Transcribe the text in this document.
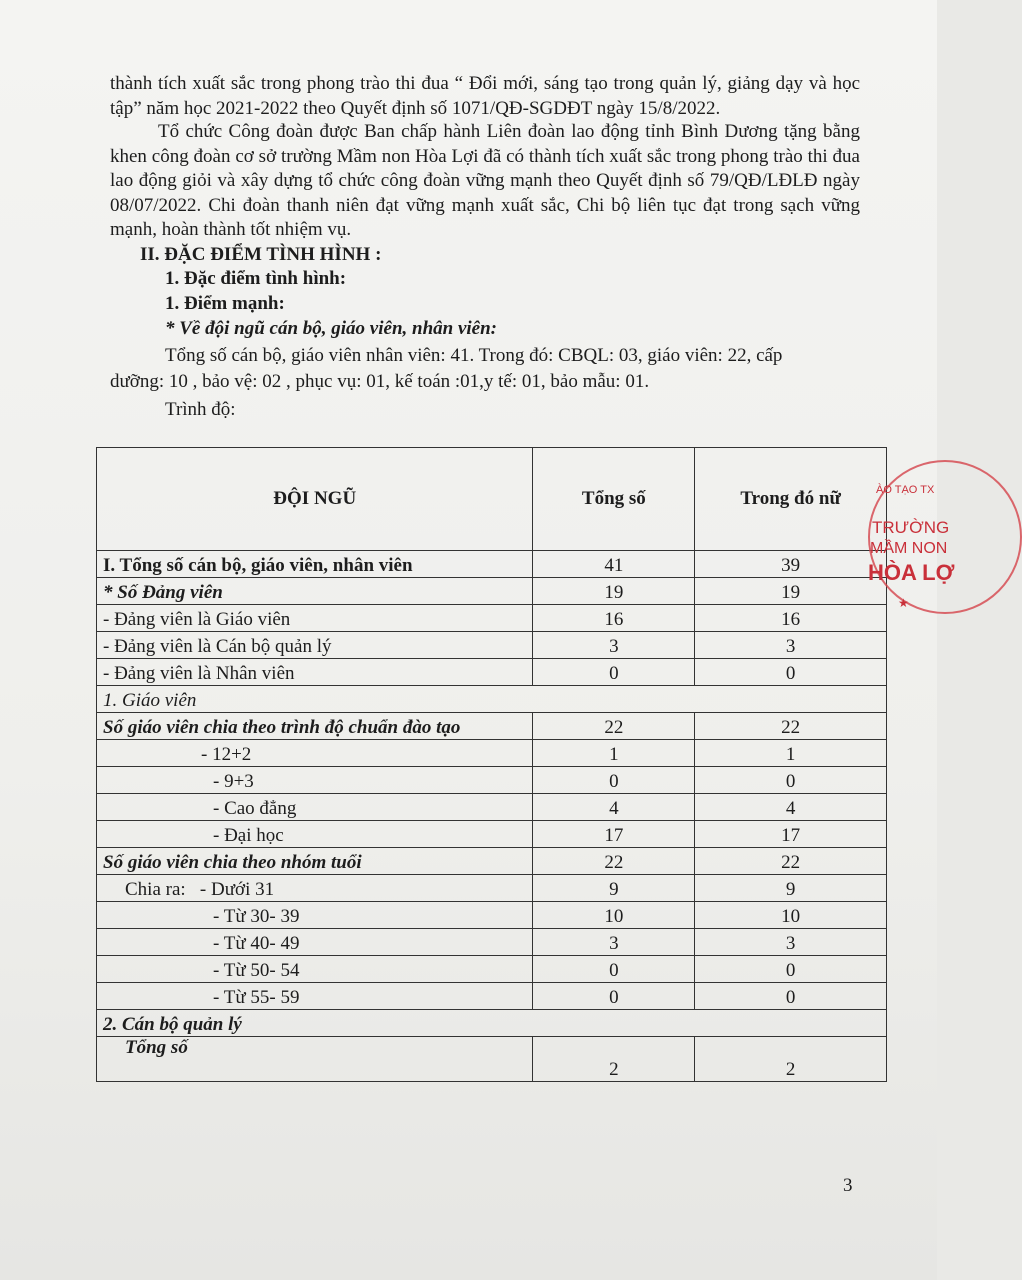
thành tích xuất sắc trong phong trào thi đua “ Đổi mới, sáng tạo trong quản lý, giảng dạy và học tập” năm học 2021-2022 theo Quyết định số 1071/QĐ-SGDĐT ngày 15/8/2022.
Tổ chức Công đoàn được Ban chấp hành Liên đoàn lao động tỉnh Bình Dương tặng bằng khen công đoàn cơ sở trường Mầm non Hòa Lợi đã có thành tích xuất sắc trong phong trào thi đua lao động giỏi và xây dựng tổ chức công đoàn vững mạnh theo Quyết định số 79/QĐ/LĐLĐ ngày 08/07/2022. Chi đoàn thanh niên đạt vững mạnh xuất sắc, Chi bộ liên tục đạt trong sạch vững mạnh, hoàn thành tốt nhiệm vụ.
II. ĐẶC ĐIỂM TÌNH HÌNH :
1. Đặc điểm tình hình:
1. Điểm mạnh:
* Về đội ngũ cán bộ, giáo viên, nhân viên:
Tổng số cán bộ, giáo viên nhân viên: 41. Trong đó: CBQL: 03, giáo viên: 22, cấp
dưỡng: 10 , bảo vệ: 02 , phục vụ: 01, kế toán :01,y tế: 01, bảo mẫu: 01.
Trình độ:
ĐỘI NGŨ	Tổng số	Trong đó nữ
I. Tổng số cán bộ, giáo viên, nhân viên	41	39
* Số Đảng viên	19	19
- Đảng viên là Giáo viên	16	16
- Đảng viên là Cán bộ quản lý	3	3
- Đảng viên là Nhân viên	0	0
1. Giáo viên		
Số giáo viên chia theo trình độ chuẩn đào tạo	22	22
- 12+2	1	1
- 9+3	0	0
- Cao đẳng	4	4
- Đại học	17	17
Số giáo viên chia theo nhóm tuổi	22	22
Chia ra:   - Dưới 31	9	9
- Từ 30- 39	10	10
- Từ 40- 49	3	3
- Từ 50- 54	0	0
- Từ 55- 59	0	0
2. Cán bộ quản lý		
Tổng số	2	2
3
ÀO TẠO TX
TRƯỜNG
MẦM NON
HÒA LỢ
★
